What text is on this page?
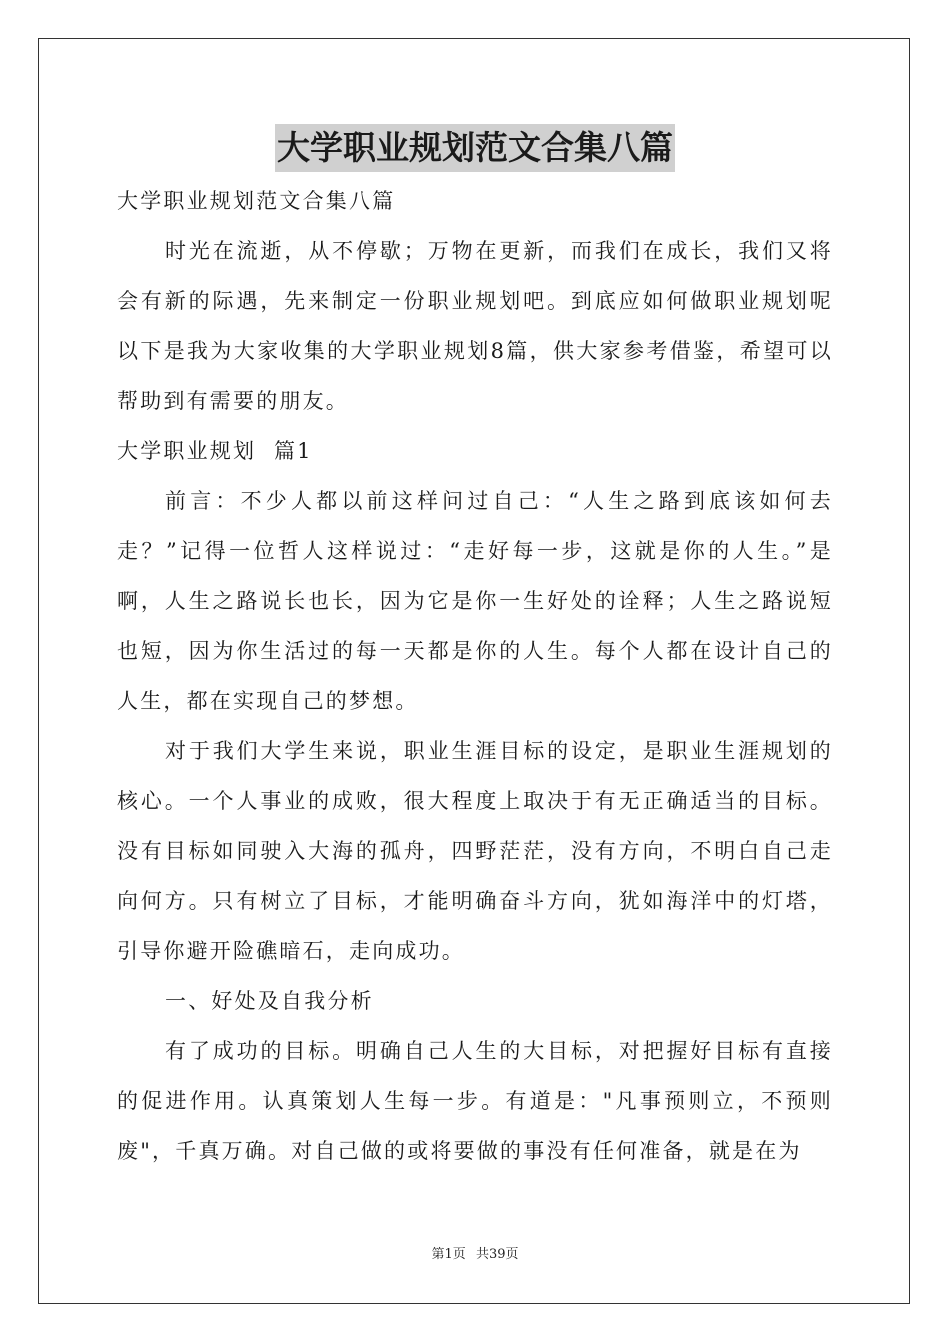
大学职业规划范文合集八篇

大学职业规划范文合集八篇

时光在流逝，从不停歇；万物在更新，而我们在成长，我们又将会有新的际遇，先来制定一份职业规划吧。到底应如何做职业规划呢以下是我为大家收集的大学职业规划8篇，供大家参考借鉴，希望可以帮助到有需要的朋友。

大学职业规划  篇1

前言：不少人都以前这样问过自己：“人生之路到底该如何去走？”记得一位哲人这样说过：“走好每一步，这就是你的人生。”是啊，人生之路说长也长，因为它是你一生好处的诠释；人生之路说短也短，因为你生活过的每一天都是你的人生。每个人都在设计自己的人生，都在实现自己的梦想。

对于我们大学生来说，职业生涯目标的设定，是职业生涯规划的核心。一个人事业的成败，很大程度上取决于有无正确适当的目标。没有目标如同驶入大海的孤舟，四野茫茫，没有方向，不明白自己走向何方。只有树立了目标，才能明确奋斗方向，犹如海洋中的灯塔，引导你避开险礁暗石，走向成功。

一、好处及自我分析

有了成功的目标。明确自己人生的大目标，对把握好目标有直接的促进作用。认真策划人生每一步。有道是："凡事预则立，不预则废"，千真万确。对自己做的或将要做的事没有任何准备，就是在为

第1页 共39页
